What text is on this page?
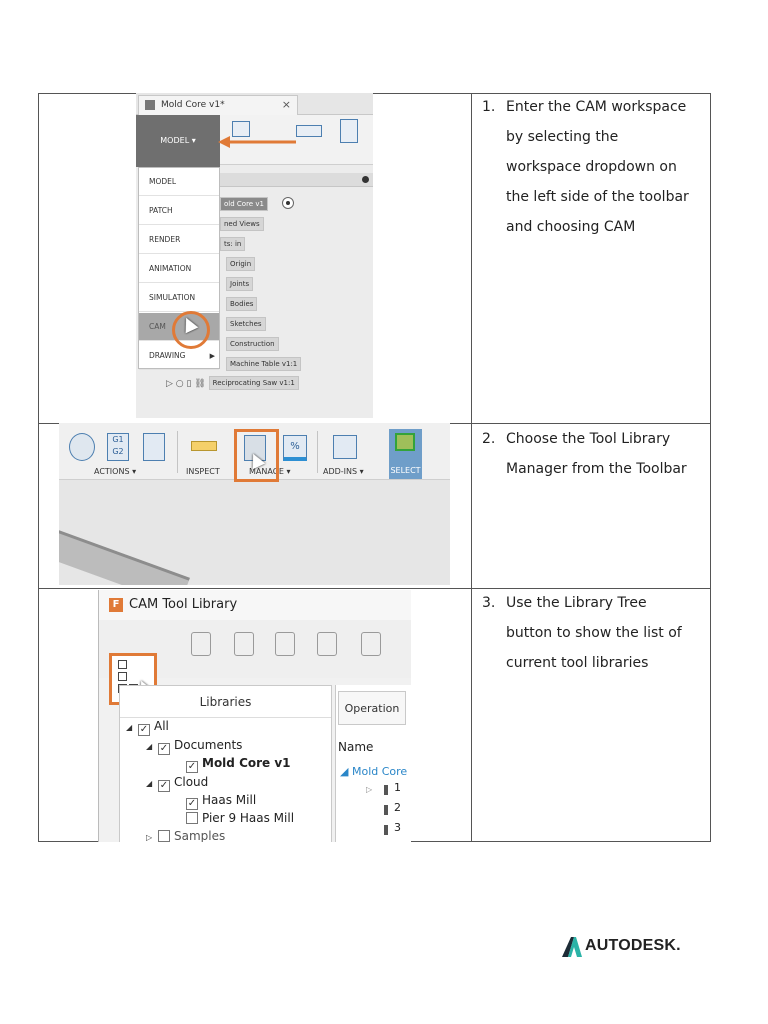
1. Enter the CAM workspace
by selecting the
workspace dropdown on
the left side of the toolbar
and choosing CAM
2. Choose the Tool Library
Manager from the Toolbar
3. Use the Library Tree
button to show the list of
current tool libraries
Mold Core v1*	×
MODEL ▾
old Core v1
ned Views
ts: in
Origin
Joints
Bodies
Sketches
Construction
Machine Table v1:1
MODEL
PATCH
RENDER
ANIMATION
SIMULATION
CAM
DRAWING	▶
▷ ○ ▯ ⛓ Reciprocating Saw v1:1
G1
G2
ACTIONS ▾	INSPECT
%
MANAGE ▾	ADD-INS ▾	SELECT
F CAM Tool Library
Libraries
◢ ✓ All
◢ ✓ Documents
✓ Mold Core v1
◢ ✓ Cloud
✓ Haas Mill
Pier 9 Haas Mill
▷ Samples
Operation
Name
◢ Mold Core
▷ 1
2
3
AUTODESK.
